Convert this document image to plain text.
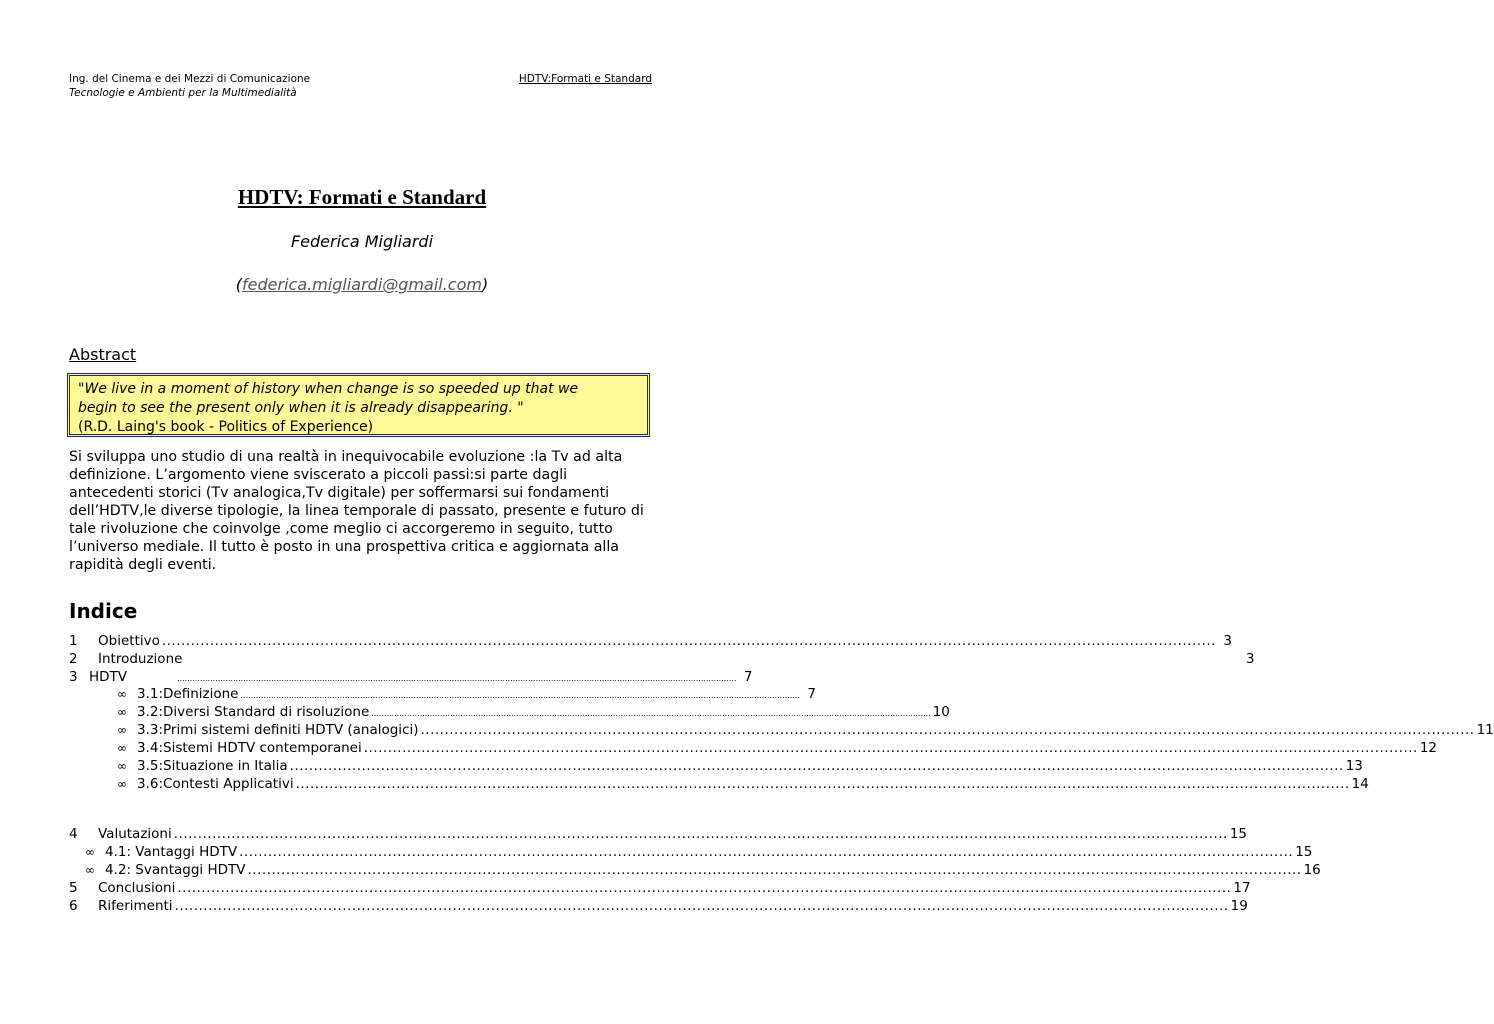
Ing. del Cinema e dei Mezzi di Comunicazione
Tecnologie e Ambienti per la Multimedialità
HDTV:Formati e Standard
HDTV: Formati e Standard
Federica Migliardi
(federica.migliardi@gmail.com)
Abstract
"We live in a moment of history when change is so speeded up that we
begin to see the present only when it is already disappearing. "
(R.D. Laing's book - Politics of Experience)
Si sviluppa uno studio di una realtà in inequivocabile evoluzione :la Tv ad alta definizione. L’argomento viene sviscerato a piccoli passi:si parte dagli antecedenti storici (Tv analogica,Tv digitale) per soffermarsi sui fondamenti dell’HDTV,le diverse tipologie, la linea temporale di passato, presente e futuro di tale rivoluzione che coinvolge ,come meglio ci accorgeremo in seguito, tutto l’universo mediale. Il tutto è posto in una prospettiva critica e aggiornata alla rapidità degli eventi.
Indice
1	Obiettivo ............................................................................................................................................................................................................................ 3
2	Introduzione	3
3 HDTV	............................................................................................................................................................................................................................ 7
∞ 3.1:Definizione ............................................................................................................................................................................................................................ 7
∞ 3.2:Diversi Standard di risoluzione ............................................................................................................................................................................................................................ 10
∞ 3.3:Primi sistemi definiti HDTV (analogici) ............................................................................................................................................................................................................................ 11
∞ 3.4:Sistemi HDTV contemporanei ............................................................................................................................................................................................................................ 12
∞ 3.5:Situazione in Italia ............................................................................................................................................................................................................................ 13
∞ 3.6:Contesti Applicativi ............................................................................................................................................................................................................................ 14
4	Valutazioni ............................................................................................................................................................................................................................ 15
∞ 4.1: Vantaggi HDTV ............................................................................................................................................................................................................................ 15
∞ 4.2: Svantaggi HDTV ............................................................................................................................................................................................................................ 16
5	Conclusioni ............................................................................................................................................................................................................................ 17
6	Riferimenti ............................................................................................................................................................................................................................ 19
